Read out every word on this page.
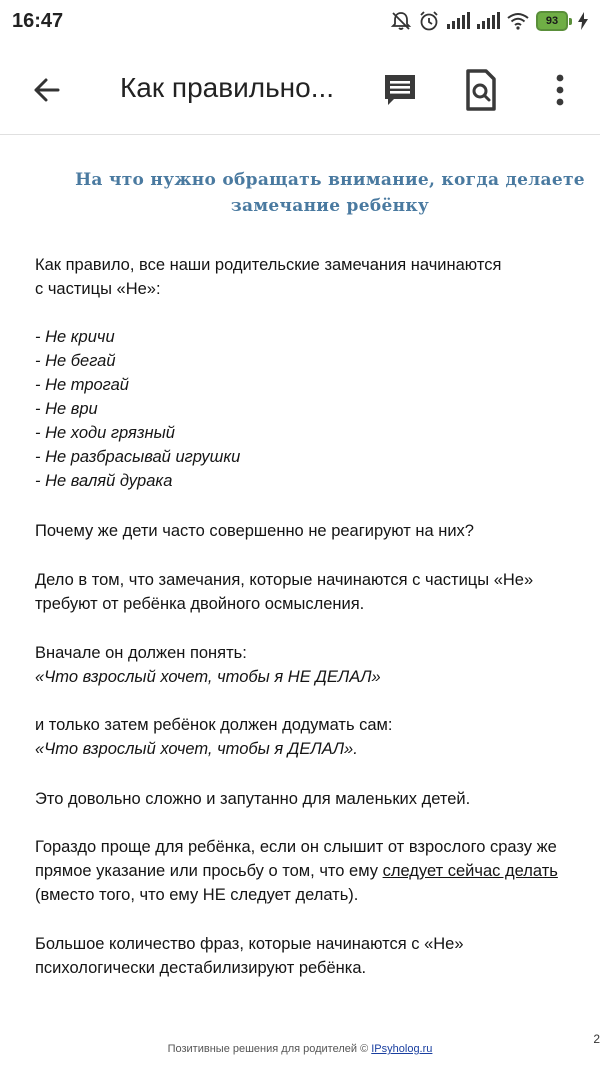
16:47	93
Как правильно...
На что нужно обращать внимание, когда делаете
замечание ребёнку
Как правило, все наши родительские замечания начинаются
с частицы «Не»:
- Не кричи
- Не бегай
- Не трогай
- Не ври
- Не ходи грязный
- Не разбрасывай игрушки
- Не валяй дурака
Почему же дети часто совершенно не реагируют на них?
Дело в том, что замечания, которые начинаются с частицы «Не»
требуют от ребёнка двойного осмысления.
Вначале он должен понять:
«Что взрослый хочет, чтобы я НЕ ДЕЛАЛ»
и только затем ребёнок должен додумать сам:
«Что взрослый хочет, чтобы я ДЕЛАЛ».
Это довольно сложно и запутанно для маленьких детей.
Гораздо проще для ребёнка, если он слышит от взрослого сразу же
прямое указание или просьбу о том, что ему следует сейчас делать
(вместо того, что ему НЕ следует делать).
Большое количество фраз, которые начинаются с «Не»
психологически дестабилизируют ребёнка.
2
Позитивные решения для родителей © IPsyholog.ru
